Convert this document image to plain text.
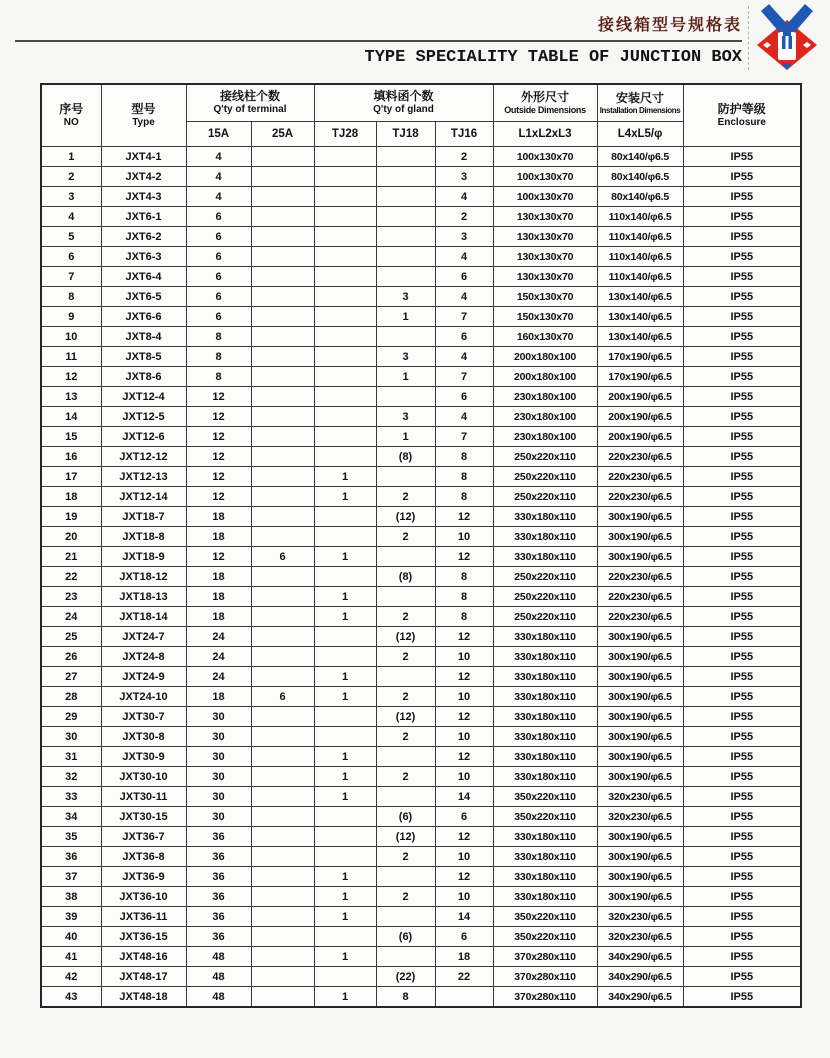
接线箱型号规格表
TYPE SPECIALITY TABLE OF JUNCTION BOX
序号
NO	型号
Type	接线柱个数
Q'ty of terminal		填料函个数
Q'ty of gland			外形尺寸
Outside Dimensions	安装尺寸
Installation Dimensions	防护等级
Enclosure

		15A	25A	TJ28	TJ18	TJ16	L1xL2xL3	L4xL5/φ	
1	JXT4-1	4				2	100x130x70	80x140/φ6.5	IP55
2	JXT4-2	4				3	100x130x70	80x140/φ6.5	IP55
3	JXT4-3	4				4	100x130x70	80x140/φ6.5	IP55
4	JXT6-1	6				2	130x130x70	110x140/φ6.5	IP55
5	JXT6-2	6				3	130x130x70	110x140/φ6.5	IP55
6	JXT6-3	6				4	130x130x70	110x140/φ6.5	IP55
7	JXT6-4	6				6	130x130x70	110x140/φ6.5	IP55
8	JXT6-5	6			3	4	150x130x70	130x140/φ6.5	IP55
9	JXT6-6	6			1	7	150x130x70	130x140/φ6.5	IP55
10	JXT8-4	8				6	160x130x70	130x140/φ6.5	IP55
11	JXT8-5	8			3	4	200x180x100	170x190/φ6.5	IP55
12	JXT8-6	8			1	7	200x180x100	170x190/φ6.5	IP55
13	JXT12-4	12				6	230x180x100	200x190/φ6.5	IP55
14	JXT12-5	12			3	4	230x180x100	200x190/φ6.5	IP55
15	JXT12-6	12			1	7	230x180x100	200x190/φ6.5	IP55
16	JXT12-12	12			(8)	8	250x220x110	220x230/φ6.5	IP55
17	JXT12-13	12		1		8	250x220x110	220x230/φ6.5	IP55
18	JXT12-14	12		1	2	8	250x220x110	220x230/φ6.5	IP55
19	JXT18-7	18			(12)	12	330x180x110	300x190/φ6.5	IP55
20	JXT18-8	18			2	10	330x180x110	300x190/φ6.5	IP55
21	JXT18-9	12	6	1		12	330x180x110	300x190/φ6.5	IP55
22	JXT18-12	18			(8)	8	250x220x110	220x230/φ6.5	IP55
23	JXT18-13	18		1		8	250x220x110	220x230/φ6.5	IP55
24	JXT18-14	18		1	2	8	250x220x110	220x230/φ6.5	IP55
25	JXT24-7	24			(12)	12	330x180x110	300x190/φ6.5	IP55
26	JXT24-8	24			2	10	330x180x110	300x190/φ6.5	IP55
27	JXT24-9	24		1		12	330x180x110	300x190/φ6.5	IP55
28	JXT24-10	18	6	1	2	10	330x180x110	300x190/φ6.5	IP55
29	JXT30-7	30			(12)	12	330x180x110	300x190/φ6.5	IP55
30	JXT30-8	30			2	10	330x180x110	300x190/φ6.5	IP55
31	JXT30-9	30		1		12	330x180x110	300x190/φ6.5	IP55
32	JXT30-10	30		1	2	10	330x180x110	300x190/φ6.5	IP55
33	JXT30-11	30		1		14	350x220x110	320x230/φ6.5	IP55
34	JXT30-15	30			(6)	6	350x220x110	320x230/φ6.5	IP55
35	JXT36-7	36			(12)	12	330x180x110	300x190/φ6.5	IP55
36	JXT36-8	36			2	10	330x180x110	300x190/φ6.5	IP55
37	JXT36-9	36		1		12	330x180x110	300x190/φ6.5	IP55
38	JXT36-10	36		1	2	10	330x180x110	300x190/φ6.5	IP55
39	JXT36-11	36		1		14	350x220x110	320x230/φ6.5	IP55
40	JXT36-15	36			(6)	6	350x220x110	320x230/φ6.5	IP55
41	JXT48-16	48		1		18	370x280x110	340x290/φ6.5	IP55
42	JXT48-17	48			(22)	22	370x280x110	340x290/φ6.5	IP55
43	JXT48-18	48		1	8		370x280x110	340x290/φ6.5	IP55
